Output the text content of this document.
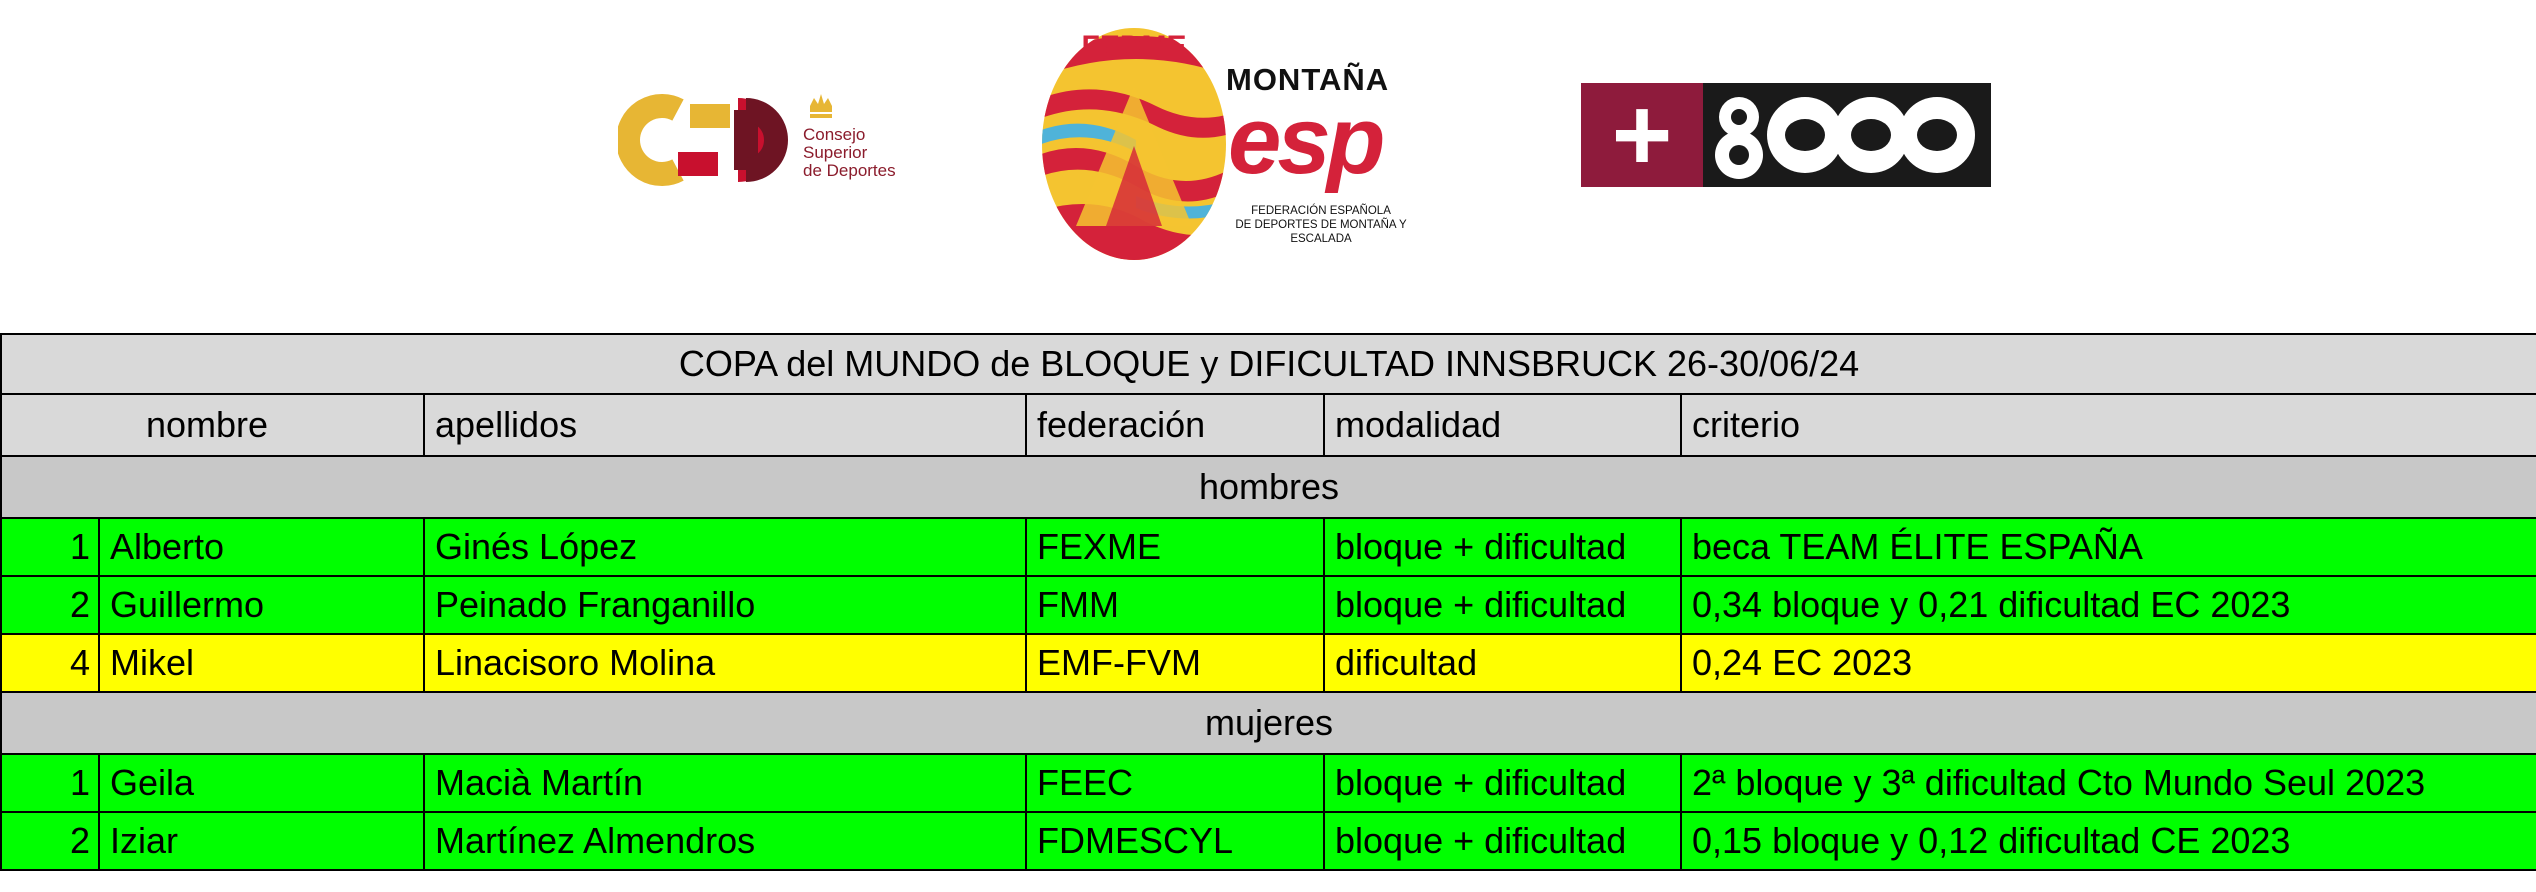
Consejo
Superior
de Deportes
FEDME
MONTAÑA
esp
FEDERACIÓN ESPAÑOLA
DE DEPORTES DE MONTAÑA Y ESCALADA
+
COPA del MUNDO de BLOQUE y DIFICULTAD INNSBRUCK 26-30/06/24					
nombre		apellidos	federación	modalidad	criterio
hombres					
1	Alberto	Ginés López	FEXME	bloque + dificultad	beca TEAM ÉLITE ESPAÑA
2	Guillermo	Peinado Franganillo	FMM	bloque + dificultad	0,34 bloque y 0,21 dificultad EC 2023
4	Mikel	Linacisoro Molina	EMF-FVM	dificultad	0,24 EC 2023
mujeres					
1	Geila	Macià Martín	FEEC	bloque + dificultad	2ª bloque y 3ª dificultad Cto Mundo Seul 2023
2	Iziar	Martínez Almendros	FDMESCYL	bloque + dificultad	0,15 bloque y 0,12 dificultad CE 2023
